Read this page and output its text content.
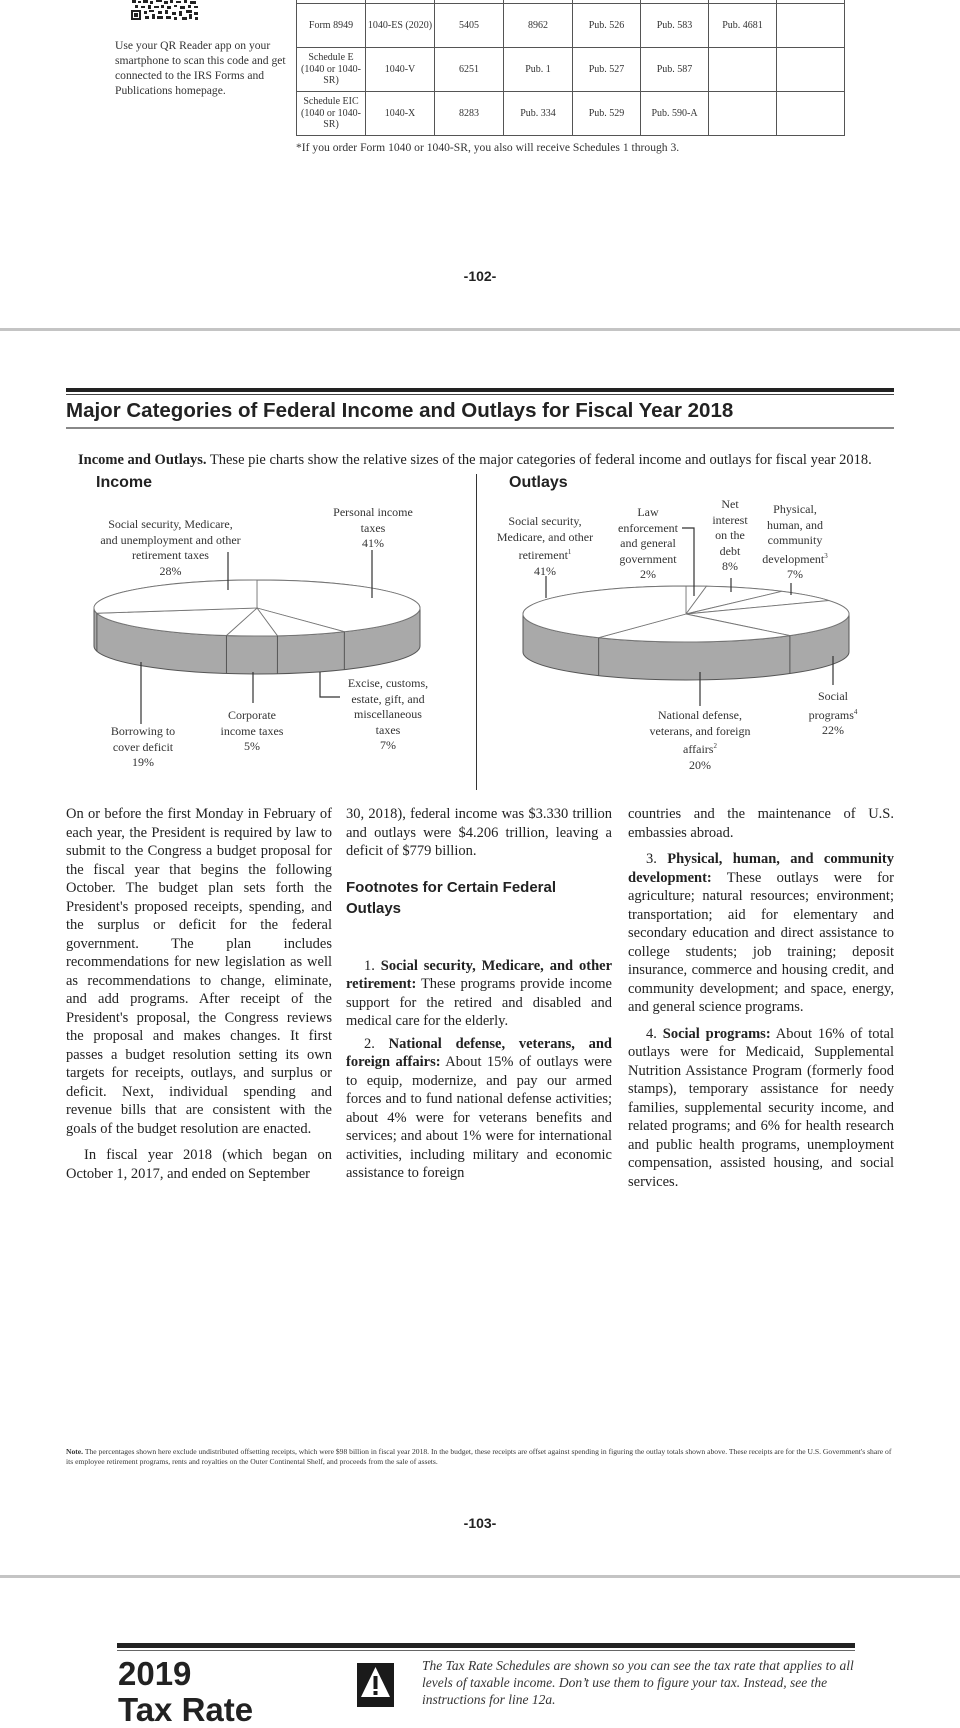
Use your QR Reader app on your smartphone to scan this code and get connected to the IRS Forms and Publications homepage.

Form 8949	1040-ES (2020)	5405	8962	Pub. 526	Pub. 583	Pub. 4681	
Schedule E (1040 or 1040-SR)	1040-V	6251	Pub. 1	Pub. 527	Pub. 587		
Schedule EIC (1040 or 1040-SR)	1040-X	8283	Pub. 334	Pub. 529	Pub. 590-A		
*If you order Form 1040 or 1040-SR, you also will receive Schedules 1 through 3.
-102-
Major Categories of Federal Income and Outlays for Fiscal Year 2018
Income and Outlays. These pie charts show the relative sizes of the major categories of federal income and outlays for fiscal year 2018.
Income	Outlays
Social security, Medicare,
and unemployment and other
retirement taxes
28%
Personal income
taxes
41%
Borrowing to
cover deficit
19%
Corporate
income taxes
5%
Excise, customs,
estate, gift, and
miscellaneous
taxes
7%
Social security,
Medicare, and other
retirement$^1$
41%
Law
enforcement
and general
government
2%
Net
interest
on the
debt
8%
Physical,
human, and
community
development$^3$
7%
National defense,
veterans, and foreign
affairs$^2$
20%
Social
programs$^4$
22%

On or before the first Monday in February of each year, the President is required by law to submit to the Congress a budget proposal for the fiscal year that begins the following October. The budget plan sets forth the President's proposed receipts, spending, and the surplus or deficit for the federal government. The plan includes recommendations for new legislation as well as recommendations to change, eliminate, and add programs. After receipt of the President's proposal, the Congress reviews the proposal and makes changes. It first passes a budget resolution setting its own targets for receipts, outlays, and surplus or deficit. Next, individual spending and revenue bills that are consistent with the goals of the budget resolution are enacted.

In fiscal year 2018 (which began on October 1, 2017, and ended on September

30, 2018), federal income was $3.330 trillion and outlays were $4.206 trillion, leaving a deficit of $779 billion.

Footnotes for Certain Federal Outlays

1. Social security, Medicare, and other retirement: These programs provide income support for the retired and disabled and medical care for the elderly.

2. National defense, veterans, and foreign affairs: About 15% of outlays were to equip, modernize, and pay our armed forces and to fund national defense activities; about 4% were for veterans benefits and services; and about 1% were for international activities, including military and economic assistance to foreign

countries and the maintenance of U.S. embassies abroad.

3. Physical, human, and community development: These outlays were for agriculture; natural resources; environment; transportation; aid for elementary and secondary education and direct assistance to college students; job training; deposit insurance, commerce and housing credit, and community development; and space, energy, and general science programs.

4. Social programs: About 16% of total outlays were for Medicaid, Supplemental Nutrition Assistance Program (formerly food stamps), temporary assistance for needy families, supplemental security income, and related programs; and 6% for health research and public health programs, unemployment compensation, assisted housing, and social services.

Note. The percentages shown here exclude undistributed offsetting receipts, which were $98 billion in fiscal year 2018. In the budget, these receipts are offset against spending in figuring the outlay totals shown above. These receipts are for the U.S. Government's share of its employee retirement programs, rents and royalties on the Outer Continental Shelf, and proceeds from the sale of assets.
-103-
2019
Tax Rate
The Tax Rate Schedules are shown so you can see the tax rate that applies to all levels of taxable income. Don’t use them to figure your tax. Instead, see the instructions for line 12a.
